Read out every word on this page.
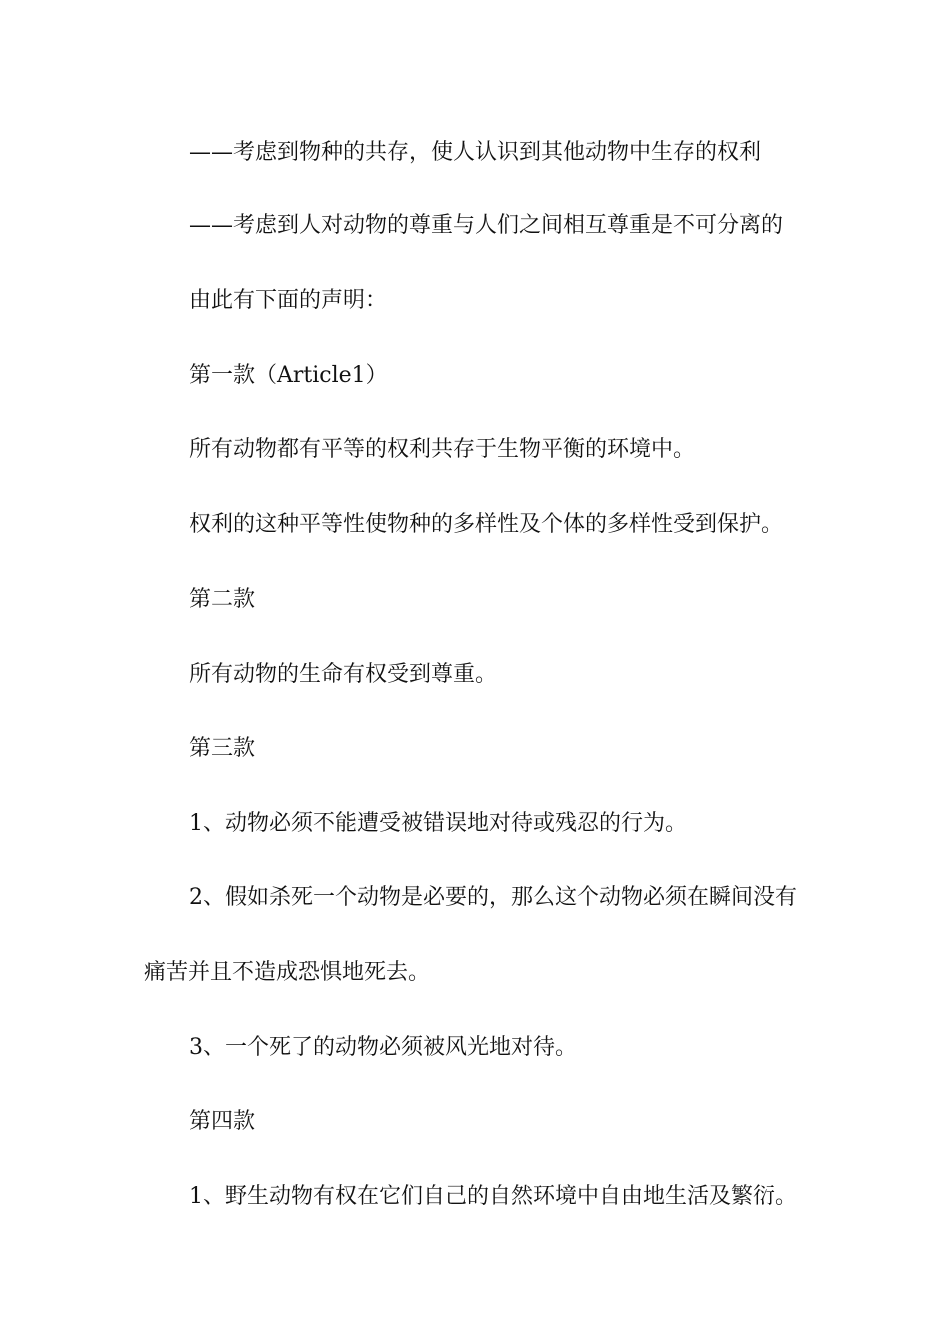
——考虑到物种的共存，使人认识到其他动物中生存的权利

——考虑到人对动物的尊重与人们之间相互尊重是不可分离的

由此有下面的声明：

第一款（Article1）

所有动物都有平等的权利共存于生物平衡的环境中。

权利的这种平等性使物种的多样性及个体的多样性受到保护。

第二款

所有动物的生命有权受到尊重。

第三款

1、动物必须不能遭受被错误地对待或残忍的行为。

2、假如杀死一个动物是必要的，那么这个动物必须在瞬间没有

痛苦并且不造成恐惧地死去。

3、一个死了的动物必须被风光地对待。

第四款

1、野生动物有权在它们自己的自然环境中自由地生活及繁衍。
